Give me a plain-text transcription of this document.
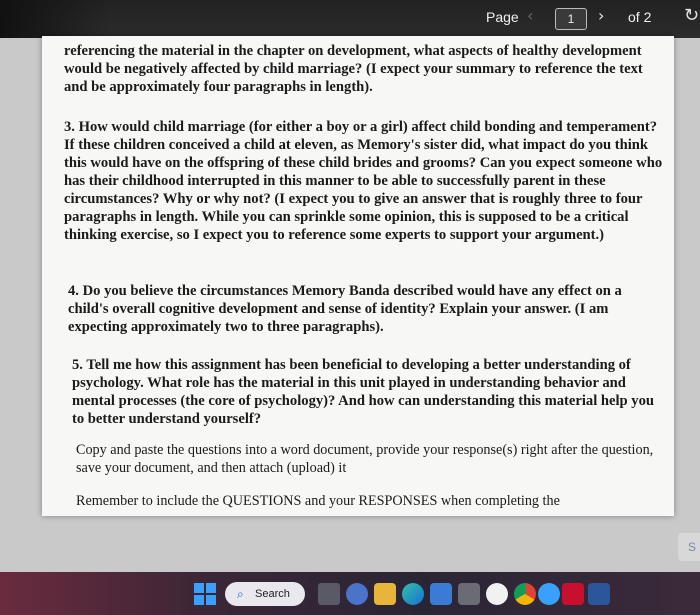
Page ‹	1	› of 2 ↻

referencing the material in the chapter on development, what aspects of healthy development would be negatively affected by child marriage? (I expect your summary to reference the text and be approximately four paragraphs in length).

3. How would child marriage (for either a boy or a girl) affect child bonding and temperament? If these children conceived a child at eleven, as Memory's sister did, what impact do you think this would have on the offspring of these child brides and grooms? Can you expect someone who has their childhood interrupted in this manner to be able to successfully parent in these circumstances? Why or why not? (I expect you to give an answer that is roughly three to four paragraphs in length. While you can sprinkle some opinion, this is supposed to be a critical thinking exercise, so I expect you to reference some experts to support your argument.)

4. Do you believe the circumstances Memory Banda described would have any effect on a child's overall cognitive development and sense of identity? Explain your answer. (I am expecting approximately two to three paragraphs).

5. Tell me how this assignment has been beneficial to developing a better understanding of psychology. What role has the material in this unit played in understanding behavior and mental processes (the core of psychology)? And how can understanding this material help you to better understand yourself?

Copy and paste the questions into a word document, provide your response(s) right after the question, save your document, and then attach (upload) it

Remember to include the QUESTIONS and your RESPONSES when completing the

S
⌕ Search
